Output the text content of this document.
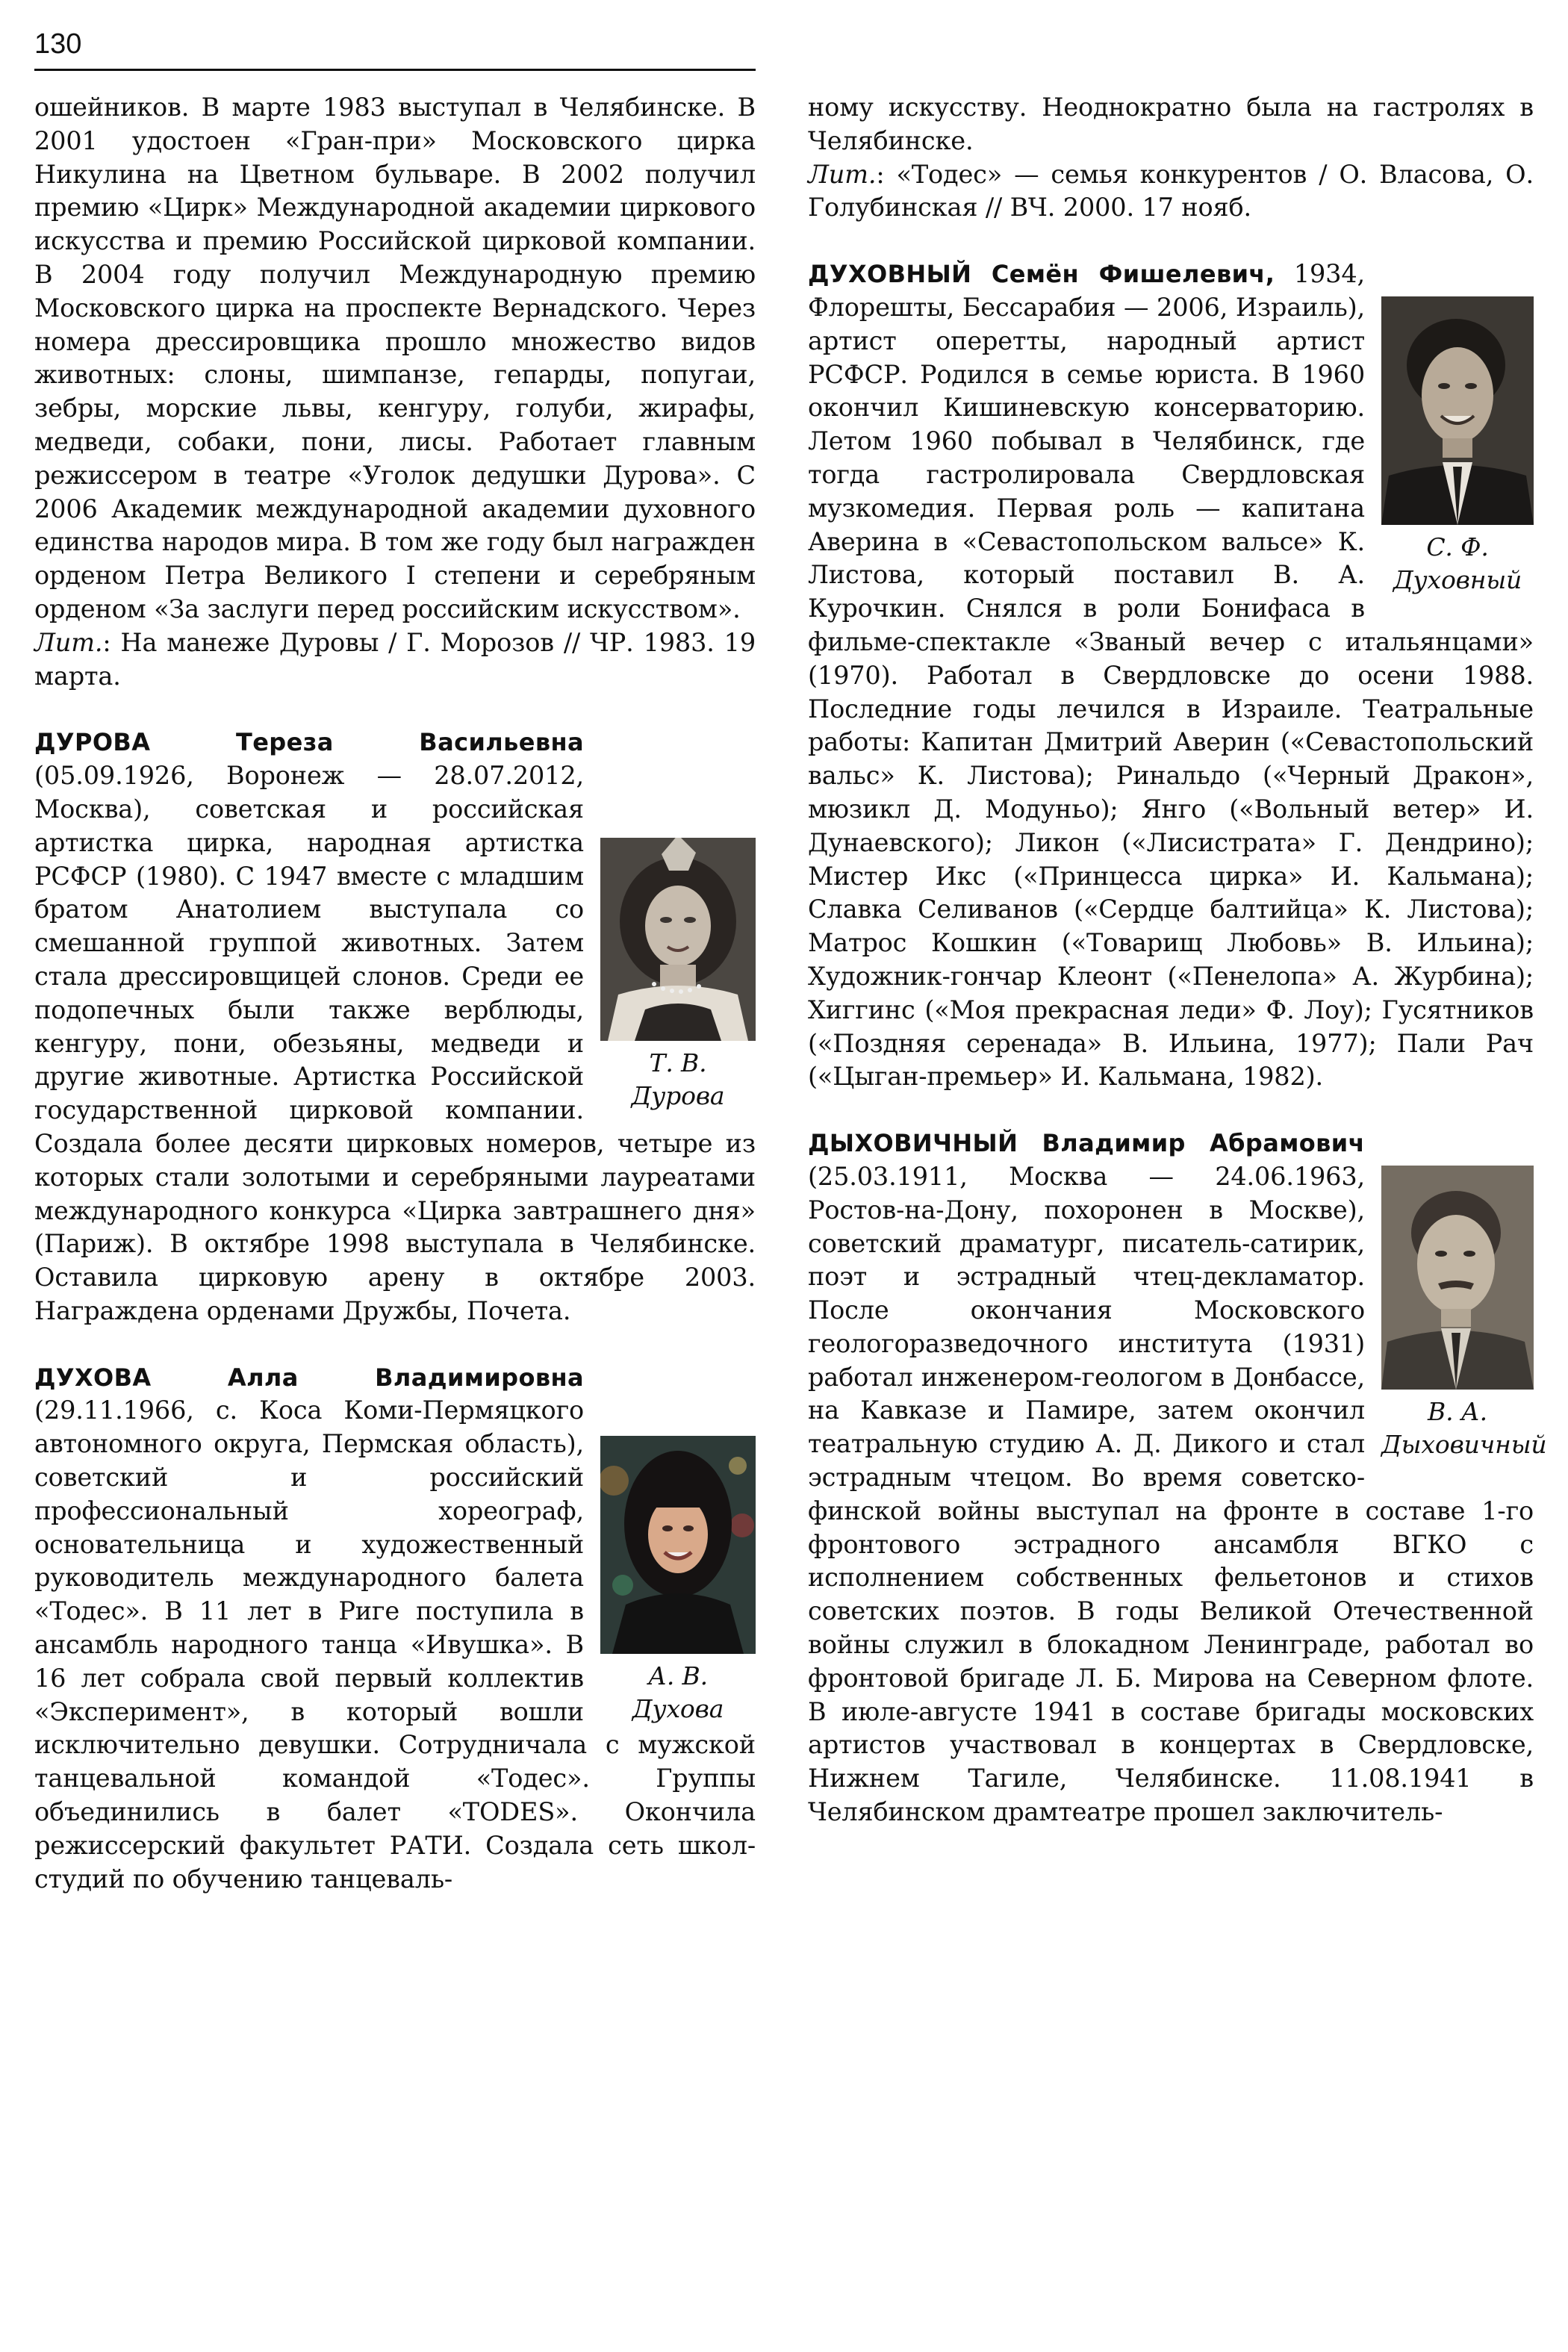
130

ошейников. В марте 1983 выступал в Челябинске. В 2001 удостоен «Гран-при» Московского цирка Никулина на Цветном бульваре. В 2002 получил премию «Цирк» Международной академии циркового искусства и премию Российской цирковой компании. В 2004 году получил Международную премию Московского цирка на проспекте Вернадского. Через номера дрессировщика прошло множество видов животных: слоны, шимпанзе, гепарды, попугаи, зебры, морские львы, кенгуру, голуби, жирафы, медведи, собаки, пони, лисы. Работает главным режиссером в театре «Уголок дедушки Дурова». С 2006 Академик международной академии духовного единства народов мира. В том же году был награжден орденом Петра Великого I степени и серебряным орденом «За заслуги перед российским искусством».

Лит.: На манеже Дуровы / Г. Морозов // ЧР. 1983. 19 марта.

Т. В. Дурова

ДУРОВА Тереза Васильевна (05.09.1926, Воронеж — 28.07.2012, Москва), советская и российская артистка цирка, народная артистка РСФСР (1980). С 1947 вместе с младшим братом Анатолием выступала со смешанной группой животных. Затем стала дрессировщицей слонов. Среди ее подопечных были также верблюды, кенгуру, пони, обезьяны, медведи и другие животные. Артистка Российской государственной цирковой компании. Создала более десяти цирковых номеров, четыре из которых стали золотыми и серебряными лауреатами международного конкурса «Цирка завтрашнего дня» (Париж). В октябре 1998 выступала в Челябинске. Оставила цирковую арену в октябре 2003. Награждена орденами Дружбы, Почета.

А. В. Духова

ДУХОВА Алла Владимировна (29.11.1966, с. Коса Коми-Пермяцкого автономного округа, Пермская область), советский и российский профессиональный хореограф, основательница и художественный руководитель международного балета «Тодес». В 11 лет в Риге поступила в ансамбль народного танца «Ивушка». В 16 лет собрала свой первый коллектив «Эксперимент», в который вошли исключительно девушки. Сотрудничала с мужской танцевальной командой «Тодес». Группы объединились в балет «TODES». Окончила режиссерский факультет РАТИ. Создала сеть школ-студий по обучению танцеваль-

ному искусству. Неоднократно была на гастролях в Челябинске.

Лит.: «Тодес» — семья конкурентов / О. Власова, О. Голубинская // ВЧ. 2000. 17 нояб.

С. Ф. Духовный

ДУХОВНЫЙ Семён Фишелевич, 1934, Флорешты, Бессарабия — 2006, Израиль), артист оперетты, народный артист РСФСР. Родился в семье юриста. В 1960 окончил Кишиневскую консерваторию. Летом 1960 побывал в Челябинск, где тогда гастролировала Свердловская музкомедия. Первая роль — капитана Аверина в «Севастопольском вальсе» К. Листова, который поставил В. А. Курочкин. Снялся в роли Бонифаса в фильме-спектакле «Званый вечер с итальянцами» (1970). Работал в Свердловске до осени 1988. Последние годы лечился в Израиле. Театральные работы: Капитан Дмитрий Аверин («Севастопольский вальс» К. Листова); Ринальдо («Черный Дракон», мюзикл Д. Модуньо); Янго («Вольный ветер» И. Дунаевского); Ликон («Лисистрата» Г. Дендрино); Мистер Икс («Принцесса цирка» И. Кальмана); Славка Селиванов («Сердце балтийца» К. Листова); Матрос Кошкин («Товарищ Любовь» В. Ильина); Художник-гончар Клеонт («Пенелопа» А. Журбина); Хиггинс («Моя прекрасная леди» Ф. Лоу); Гусятников («Поздняя серенада» В. Ильина, 1977); Пали Рач («Цыган-премьер» И. Кальмана, 1982).

В. А. Дыховичный

ДЫХОВИЧНЫЙ Владимир Абрамович (25.03.1911, Москва — 24.06.1963, Ростов-на-Дону, похоронен в Москве), советский драматург, писатель-сатирик, поэт и эстрадный чтец-декламатор. После окончания Московского геологоразведочного института (1931) работал инженером-геологом в Донбассе, на Кавказе и Памире, затем окончил театральную студию А. Д. Дикого и стал эстрадным чтецом. Во время советско-финской войны выступал на фронте в составе 1-го фронтового эстрадного ансамбля ВГКО с исполнением собственных фельетонов и стихов советских поэтов. В годы Великой Отечественной войны служил в блокадном Ленинграде, работал во фронтовой бригаде Л. Б. Мирова на Северном флоте. В июле-августе 1941 в составе бригады московских артистов участвовал в концертах в Свердловске, Нижнем Тагиле, Челябинске. 11.08.1941 в Челябинском драмтеатре прошел заключитель-
